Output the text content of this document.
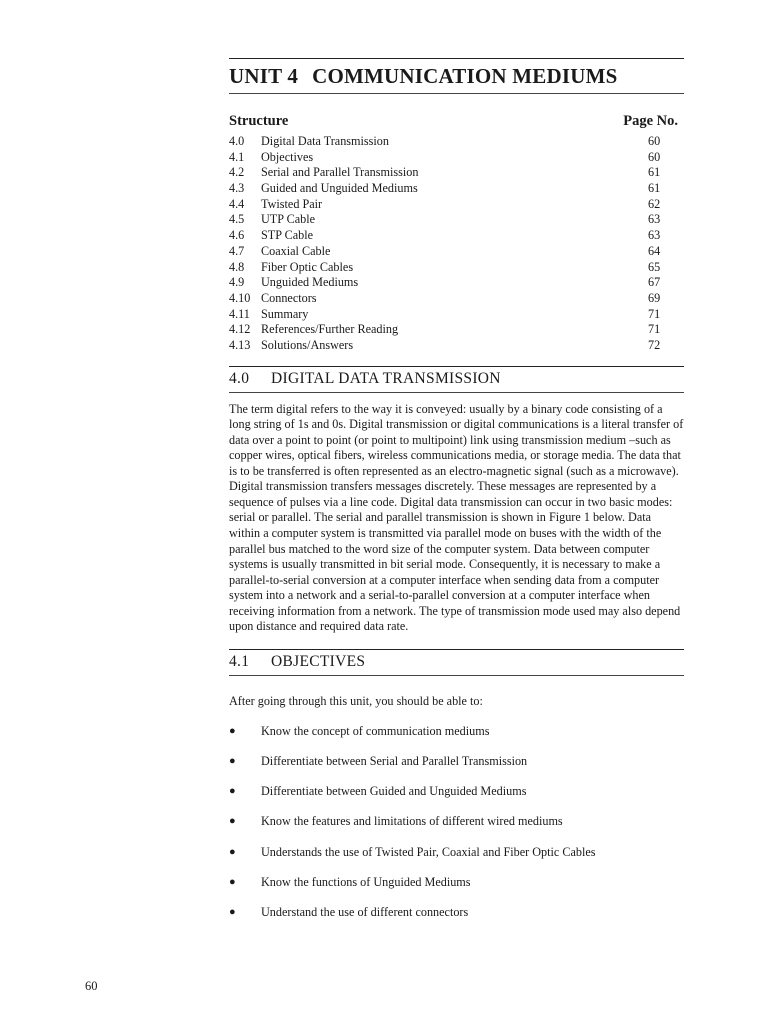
UNIT 4 COMMUNICATION MEDIUMS
Structure	Page No.
4.0	Digital Data Transmission	60
4.1	Objectives	60
4.2	Serial and Parallel Transmission	61
4.3	Guided and Unguided Mediums	61
4.4	Twisted Pair	62
4.5	UTP Cable	63
4.6	STP Cable	63
4.7	Coaxial Cable	64
4.8	Fiber Optic Cables	65
4.9	Unguided Mediums	67
4.10 Connectors	69
4.11 Summary	71
4.12 References/Further Reading	71
4.13 Solutions/Answers	72
4.0 DIGITAL DATA TRANSMISSION
The term digital refers to the way it is conveyed: usually by a binary code consisting of a long string of 1s and 0s. Digital transmission or digital communications is a literal transfer of data over a point to point (or point to multipoint) link using transmission medium –such as copper wires, optical fibers, wireless communications media, or storage media. The data that is to be transferred is often represented as an electro-magnetic signal (such as a microwave). Digital transmission transfers messages discretely. These messages are represented by a sequence of pulses via a line code. Digital data transmission can occur in two basic modes: serial or parallel. The serial and parallel transmission is shown in Figure 1 below. Data within a computer system is transmitted via parallel mode on buses with the width of the parallel bus matched to the word size of the computer system. Data between computer systems is usually transmitted in bit serial mode. Consequently, it is necessary to make a parallel-to-serial conversion at a computer interface when sending data from a computer system into a network and a serial-to-parallel conversion at a computer interface when receiving information from a network. The type of transmission mode used may also depend upon distance and required data rate.
4.1 OBJECTIVES
After going through this unit, you should be able to:
●	Know the concept of communication mediums
●	Differentiate between Serial and Parallel Transmission
●	Differentiate between Guided and Unguided Mediums
●	Know the features and limitations of different wired mediums
●	Understands the use of Twisted Pair, Coaxial and Fiber Optic Cables
●	Know the functions of Unguided Mediums
●	Understand the use of different connectors
60
